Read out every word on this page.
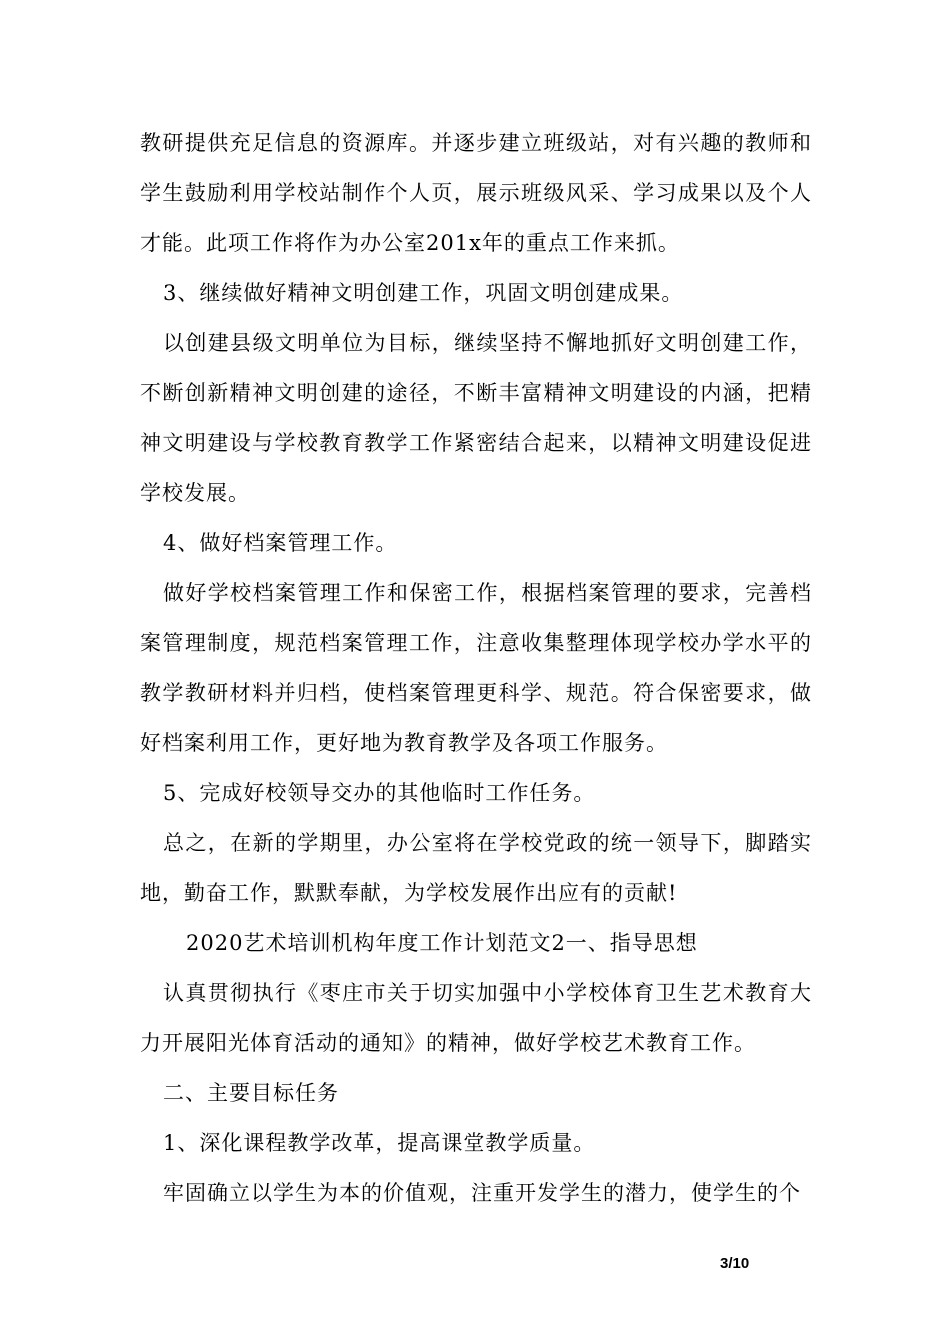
教研提供充足信息的资源库。并逐步建立班级站，对有兴趣的教师和学生鼓励利用学校站制作个人页，展示班级风采、学习成果以及个人才能。此项工作将作为办公室201x年的重点工作来抓。

3、继续做好精神文明创建工作，巩固文明创建成果。

以创建县级文明单位为目标，继续坚持不懈地抓好文明创建工作，不断创新精神文明创建的途径，不断丰富精神文明建设的内涵，把精神文明建设与学校教育教学工作紧密结合起来，以精神文明建设促进学校发展。

4、做好档案管理工作。

做好学校档案管理工作和保密工作，根据档案管理的要求，完善档案管理制度，规范档案管理工作，注意收集整理体现学校办学水平的教学教研材料并归档，使档案管理更科学、规范。符合保密要求，做好档案利用工作，更好地为教育教学及各项工作服务。

5、完成好校领导交办的其他临时工作任务。

总之，在新的学期里，办公室将在学校党政的统一领导下，脚踏实地，勤奋工作，默默奉献，为学校发展作出应有的贡献!

2020艺术培训机构年度工作计划范文2一、指导思想

认真贯彻执行《枣庄市关于切实加强中小学校体育卫生艺术教育大力开展阳光体育活动的通知》的精神，做好学校艺术教育工作。

二、主要目标任务

1、深化课程教学改革，提高课堂教学质量。

牢固确立以学生为本的价值观，注重开发学生的潜力，使学生的个

3/10
